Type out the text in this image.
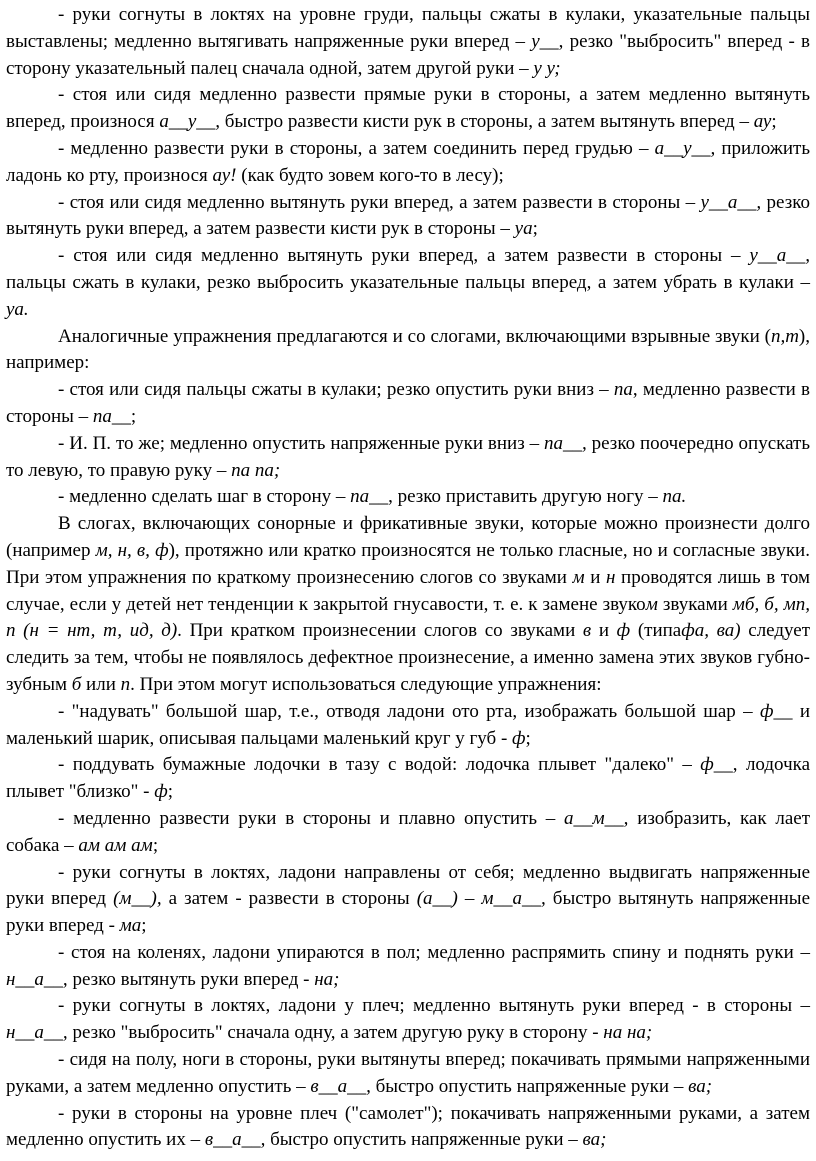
- руки согнуты в локтях на уровне груди, пальцы сжаты в кулаки, указательные пальцы выставлены; медленно вытягивать напряженные руки вперед – у__, резко "выбросить" вперед - в сторону указательный палец сначала одной, затем другой руки – у у;

- стоя или сидя медленно развести прямые руки в стороны, а затем медленно вытянуть вперед, произнося а__у__, быстро развести кисти рук в стороны, а затем вытянуть вперед – ау;

- медленно развести руки в стороны, а затем соединить перед грудью – а__у__, приложить ладонь ко рту, произнося ау! (как будто зовем кого-то в лесу);

- стоя или сидя медленно вытянуть руки вперед, а затем развести в стороны – у__а__, резко вытянуть руки вперед, а затем развести кисти рук в стороны – уа;

- стоя или сидя медленно вытянуть руки вперед, а затем развести в стороны – у__а__, пальцы сжать в кулаки, резко выбросить указательные пальцы вперед, а затем убрать в кулаки – уа.

Аналогичные упражнения предлагаются и со слогами, включающими взрывные звуки (п,т), например:

- стоя или сидя пальцы сжаты в кулаки; резко опустить руки вниз – па, медленно развести в стороны – па__;

- И. П. то же; медленно опустить напряженные руки вниз – па__, резко поочередно опускать то левую, то правую руку – па па;

- медленно сделать шаг в сторону – па__, резко приставить другую ногу – па.

В слогах, включающих сонорные и фрикативные звуки, которые можно произнести долго (например м, н, в, ф), протяжно или кратко произносятся не только гласные, но и согласные звуки. При этом упражнения по краткому произнесению слогов со звуками м и н проводятся лишь в том случае, если у детей нет тенденции к закрытой гнусавости, т. е. к замене звуком звуками мб, б, мп, п (н = нт, т, ид, д). При кратком произнесении слогов со звуками в и ф (типафа, ва) следует следить за тем, чтобы не появлялось дефектное произнесение, а именно замена этих звуков губно-зубным б или п. При этом могут использоваться следующие упражнения:

- "надувать" большой шар, т.е., отводя ладони ото рта, изображать большой шар – ф__ и маленький шарик, описывая пальцами маленький круг у губ - ф;

- поддувать бумажные лодочки в тазу с водой: лодочка плывет "далеко" – ф__, лодочка плывет "близко" - ф;

- медленно развести руки в стороны и плавно опустить – а__м__, изобразить, как лает собака – ам ам ам;

- руки согнуты в локтях, ладони направлены от себя; медленно выдвигать напряженные руки вперед (м__), а затем - развести в стороны (а__) – м__а__, быстро вытянуть напряженные руки вперед - ма;

- стоя на коленях, ладони упираются в пол; медленно распрямить спину и поднять руки –н__а__, резко вытянуть руки вперед - на;

- руки согнуты в локтях, ладони у плеч; медленно вытянуть руки вперед - в стороны –н__а__, резко "выбросить" сначала одну, а затем другую руку в сторону - на на;

- сидя на полу, ноги в стороны, руки вытянуты вперед; покачивать прямыми напряженными руками, а затем медленно опустить – в__а__, быстро опустить напряженные руки – ва;

- руки в стороны на уровне плеч ("самолет"); покачивать напряженными руками, а затем медленно опустить их – в__а__, быстро опустить напряженные руки – ва;
